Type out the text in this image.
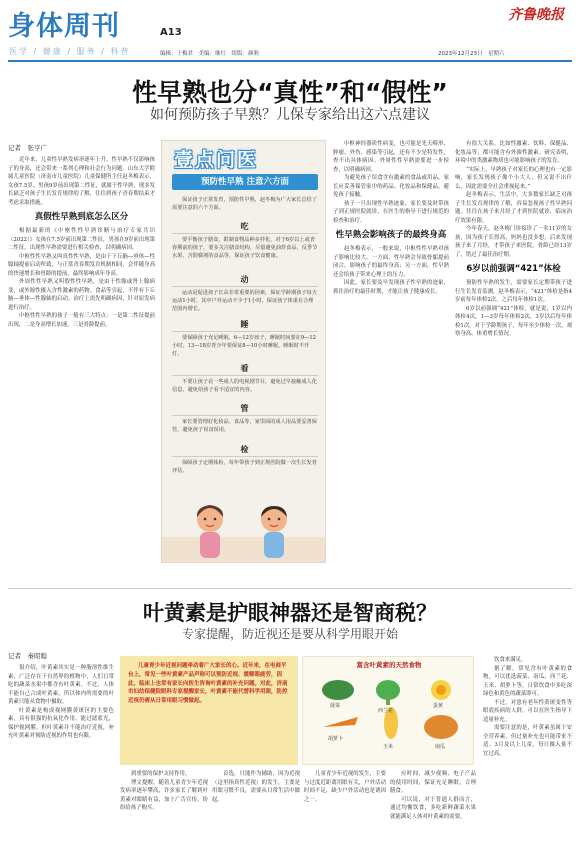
身体周刊	A13
齐鲁晚报
医学 / 健康 / 服务 / 科普	编辑：于梅君　美编：继红　组版：颜莉	2023年12月23日　星期六
性早熟也分“真性”和“假性”
如何预防孩子早熟？儿保专家给出这六点建议
记者　张亨广

近年来，儿童性早熟发病率逐年上升，性早熟不仅影响孩子的身高，还会带来一系列心理和社会行为问题。山东大学附属儿童医院（济南市儿童医院）儿童保健所主任赵冬梅表示，女孩7.5岁、男孩9岁前出现第二性征，就属于性早熟，现多发长缺乏对孩子生长发育规律的了解，往往到孩子青春期结束才考虑采取措施。

真假性早熟到底怎么区分

根据最新的《中枢性性早熟诊断与治疗专家共识（2022）》女孩在7.5岁前出现第二性征，男孩在9岁前出现第二性征，出现性早熟需要进行相关检查，以明确病因。

中枢性性早熟又叫真性性早熟，是由于下丘脑—垂体—性腺轴提前启动所致，与正常青春期发育机制相同，会伴随身高的快速增长和骨龄的提前，最终影响成年身高。

外周性性早熟又叫假性性早熟，是由于性腺或肾上腺病变，或外源性摄入含性激素的药物、食品等引起，不伴有下丘脑—垂体—性腺轴的启动。治疗上需先明确病因，针对原发病进行治疗。

中枢性性早熟的孩子一般有三大特点：一是第二性征提前出现，二是身高增长加速，三是骨龄提前。

壹点问医
预防性早熟 注意六方面
保证孩子正常发育，预防性早熟，赵冬梅为广大家长总结了需要注意的六个方面。
吃
要平衡孩子膳食，限制食物品种多样化，对于6岁以上或青春期前的孩子，要多关注膳食结构，尽量避免油炸食品、反季节水果、含防腐剂的食品等，保证孩子饮食健康。
动
运动是促进孩子长高非常重要的因素，保证学龄期孩子每天运动1小时，其中户外运动不少于1小时，保证孩子体重在合理范围内增长。
睡
要保障孩子充足睡眠，6—12岁孩子，睡眠时间要在9—12小时，13—18岁青少年要保证8—10小时睡眠，睡眠时不开灯。
看
不要让孩子看一些成人的电视剧节目，避免过早接触成人化信息，避免给孩子看不适宜的内容。
管
家长要管理好化妆品、食品等，家里面的成人用品要妥善保管，避免孩子误食误用。
检
保障孩子定期体检，每年带孩子到正规医院做一次生长发育评估。

中枢神经器质性病变，也可能是先天畸形、肿瘤、外伤、感染等引起，还有不少是特发性，查不出具体病因。外周性性早熟需要进一步检查，以明确病因。

为避免孩子误食含有激素的食品或用品，家长应妥善保管家中的药品、化妆品和保健品，避免孩子接触。

孩子一旦出现性早熟迹象，家长要及时带孩子到正规医院就诊，在医生的指导下进行规范的检查和治疗。

性早熟会影响孩子的最终身高

赵冬梅表示，一般来说，中枢性性早熟对孩子影响比较大。一方面，性早熟会导致骨骺提前闭合，影响孩子的最终身高；另一方面，性早熟还会给孩子带来心理上的压力。

因此，家长要及早发现孩子性早熟的迹象，抓住治疗的最佳时期，才能让孩子健康成长。

有很大关系，比如性激素、饮料、保健品、化妆品等，都可能含有外源性激素。研究表明，环境中的类激素物质也可能影响孩子的发育。

“实际上，早熟孩子对家长的心理也有一定影响，家长发现孩子像个小大人，但又说不出什么，因此需要全社会重视起来。”

赵冬梅表示，生活中，大多数家长缺乏对孩子生长发育规律的了解，容易忽视孩子性早熟问题。往往在孩子来月经了才到医院就诊，临床治疗效果有限。

今年春天，赵冬梅门诊接诊了一名11岁的女孩，因为孩子长得高，妈妈也没多想，后来发现孩子来了月经，才带孩子来医院，骨龄已经13岁了，错过了最佳治疗期。

6岁以前强调“421”体检

预防性早熟的发生，需要家长定期带孩子进行生长发育监测，赵冬梅表示，“421”体检是指4岁前每年体检2次，之后每年体检1次。

6岁以前强调“421”体检，就是说，1岁以内体检4次，1—3岁每年体检2次，3岁以后每年体检1次。对于学龄期孩子，每年至少体检一次，观察身高、体重增长情况。

叶黄素是护眼神器还是智商税？
专家提醒，防近视还是要从科学用眼开始
记者　秦昭聪

很介绍，叶黄素其实是一种脂溶性维生素，广泛存在于自然界的植物中，人们日常吃的蔬菜水果中都含有叶黄素。不过，人体不能自己合成叶黄素，所以体内所需要的叶黄素只能从食物中摄取。

叶黄素是构成视网膜黄斑区的主要色素，具有很强的抗氧化作用，能过滤蓝光，保护视网膜。但叶黄素并不能治疗近视，补充叶黄素对预防近视的作用也有限。

儿童青少年近视问题牵动着广大家长的心。近年来，在电商平台上，常见一些叶黄素产品声称可以预防近视、缓解眼疲劳，因此，临床上也常有家长向医生咨询叶黄素的补充问题。对此，济南市妇幼保健院眼科专家提醒家长，叶黄素不能代替科学用眼，防控近视仍需从日常用眼习惯做起。
富含叶黄素的天然食物
菠菜
西兰花
蛋黄
胡萝卜
玉米	南瓜

饮食来满足。

据了解，常见含有叶黄素的食物，可以优选菠菜、南瓜、西兰花、玉米、胡萝卜等，日常饮食中多吃深绿色和黄色的蔬菜即可。

不过，对患有老年性黄斑变性等眼底疾病的人群，可以在医生指导下适量补充。

需要注意的是，叶黄素虽属于安全营养素，但过量补充也可能带来不适。3月及以上儿童，每日摄入量不宜过高。

到重要的保护支持作用。

博文提醒，随着儿童青少年近视发病率逐年攀高，许多家长了解到叶黄素对眼睛有益，加上广告宣传，纷纷给孩子购买。

首选，只能作为辅助，因为近视（这里指真性近视）的发生，主要是用眼习惯不良，需要从日常生活中做起。

儿童青少年近视的发生，主要与过度近距离用眼有关，户外活动时间不足，缺少户外活动也是诱因之一。

应时间，减少视频、电子产品的使用时间，保证充足睡眠，合理膳食。

可以说，对于普通人群而言，通过均衡饮食，多吃新鲜蔬菜水果就能满足人体对叶黄素的需要。
